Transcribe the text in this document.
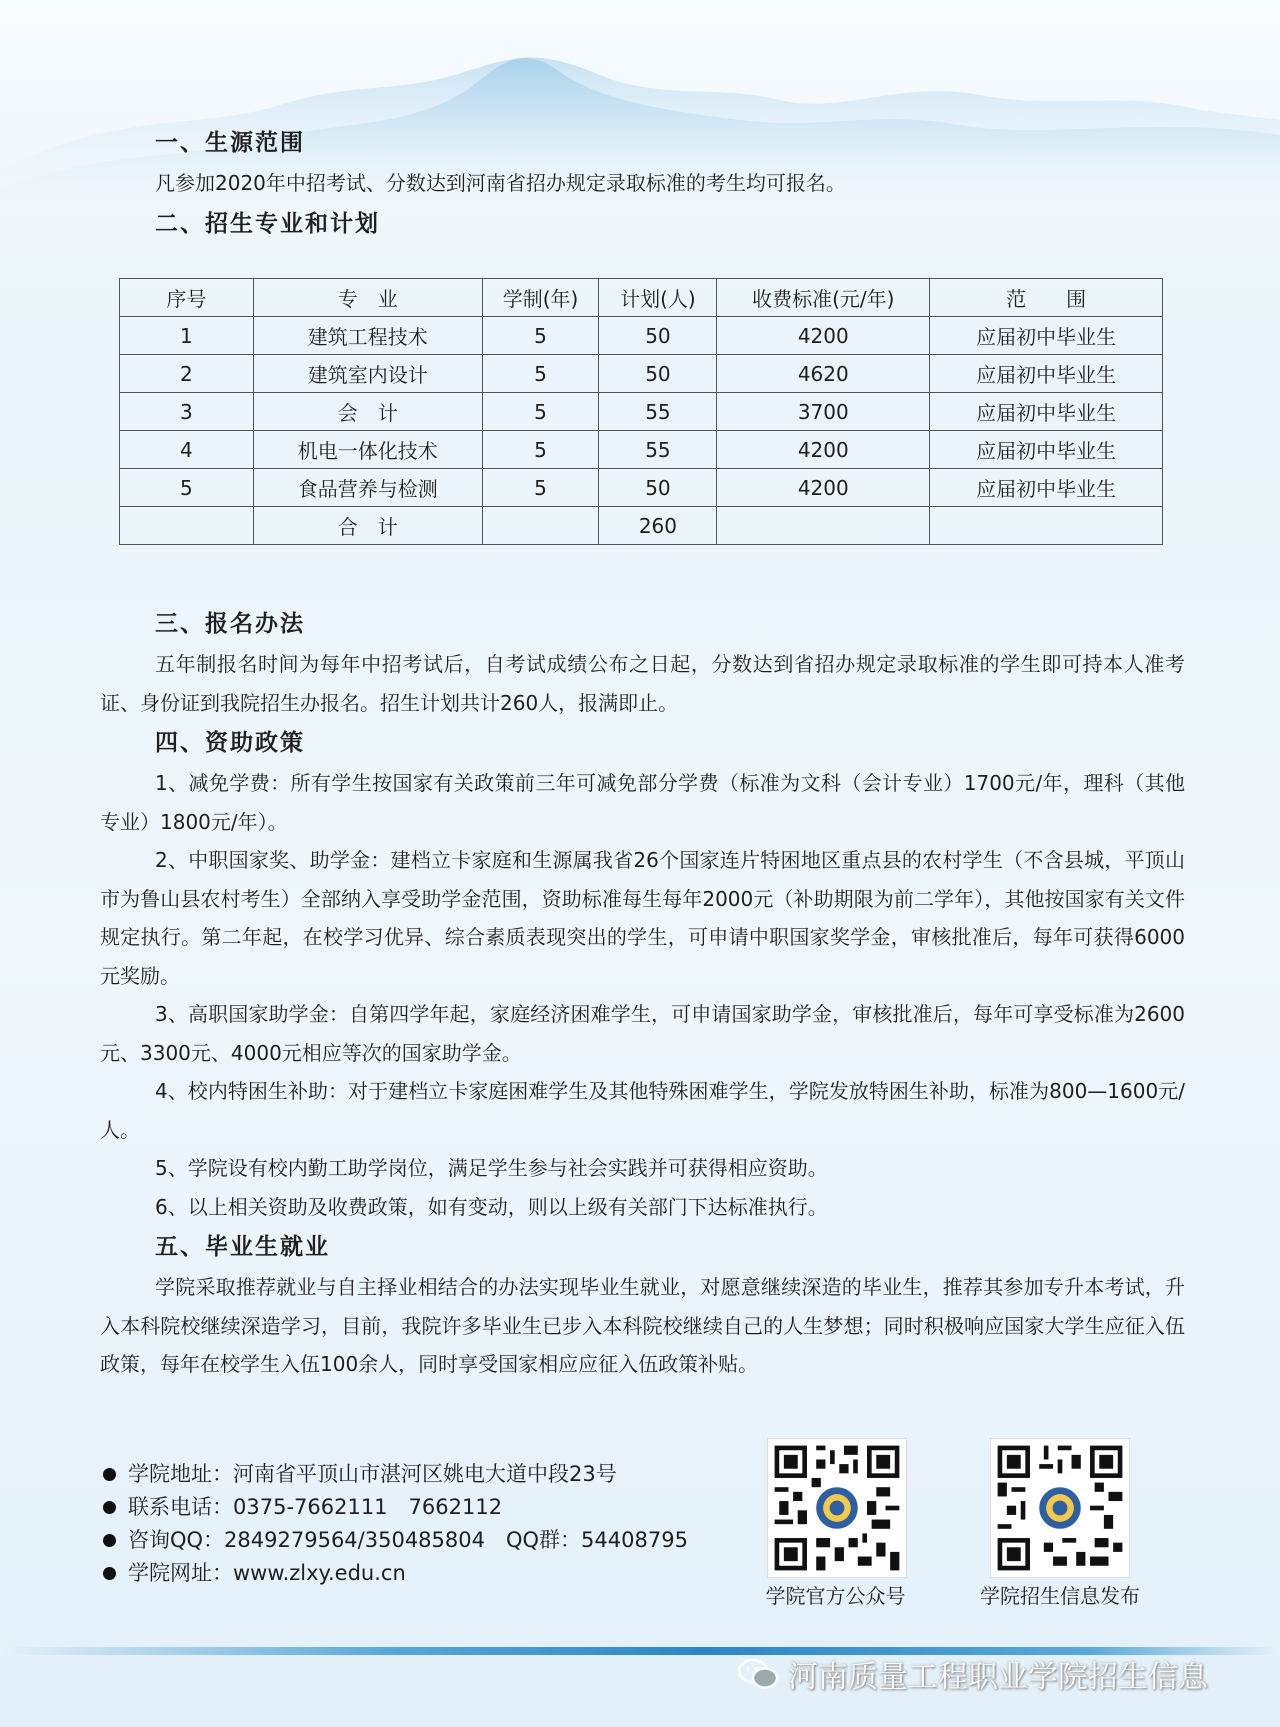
一、生源范围

凡参加2020年中招考试、分数达到河南省招办规定录取标准的考生均可报名。

二、招生专业和计划
序号	专　业	学制(年)	计划(人)	收费标准(元/年)	范　　围
1	建筑工程技术	5	50	4200	应届初中毕业生
2	建筑室内设计	5	50	4620	应届初中毕业生
3	会　计	5	55	3700	应届初中毕业生
4	机电一体化技术	5	55	4200	应届初中毕业生
5	食品营养与检测	5	50	4200	应届初中毕业生
	合　计		260		
三、报名办法

五年制报名时间为每年中招考试后，自考试成绩公布之日起，分数达到省招办规定录取标准的学生即可持本人准考证、身份证到我院招生办报名。招生计划共计260人，报满即止。

四、资助政策

1、减免学费：所有学生按国家有关政策前三年可减免部分学费（标准为文科（会计专业）1700元/年，理科（其他专业）1800元/年）。

2、中职国家奖、助学金：建档立卡家庭和生源属我省26个国家连片特困地区重点县的农村学生（不含县城，平顶山市为鲁山县农村考生）全部纳入享受助学金范围，资助标准每生每年2000元（补助期限为前二学年），其他按国家有关文件规定执行。第二年起，在校学习优异、综合素质表现突出的学生，可申请中职国家奖学金，审核批准后，每年可获得6000元奖励。

3、高职国家助学金：自第四学年起，家庭经济困难学生，可申请国家助学金，审核批准后，每年可享受标准为2600元、3300元、4000元相应等次的国家助学金。

4、校内特困生补助：对于建档立卡家庭困难学生及其他特殊困难学生，学院发放特困生补助，标准为800—1600元/人。

5、学院设有校内勤工助学岗位，满足学生参与社会实践并可获得相应资助。

6、以上相关资助及收费政策，如有变动，则以上级有关部门下达标准执行。

五、毕业生就业

学院采取推荐就业与自主择业相结合的办法实现毕业生就业，对愿意继续深造的毕业生，推荐其参加专升本考试，升入本科院校继续深造学习，目前，我院许多毕业生已步入本科院校继续自己的人生梦想；同时积极响应国家大学生应征入伍政策，每年在校学生入伍100余人，同时享受国家相应应征入伍政策补贴。

学院地址：河南省平顶山市湛河区姚电大道中段23号
联系电话：0375-7662111　7662112
咨询QQ：2849279564/350485804　QQ群：54408795
学院网址：www.zlxy.edu.cn
学院官方公众号	学院招生信息发布
河南质量工程职业学院招生信息
